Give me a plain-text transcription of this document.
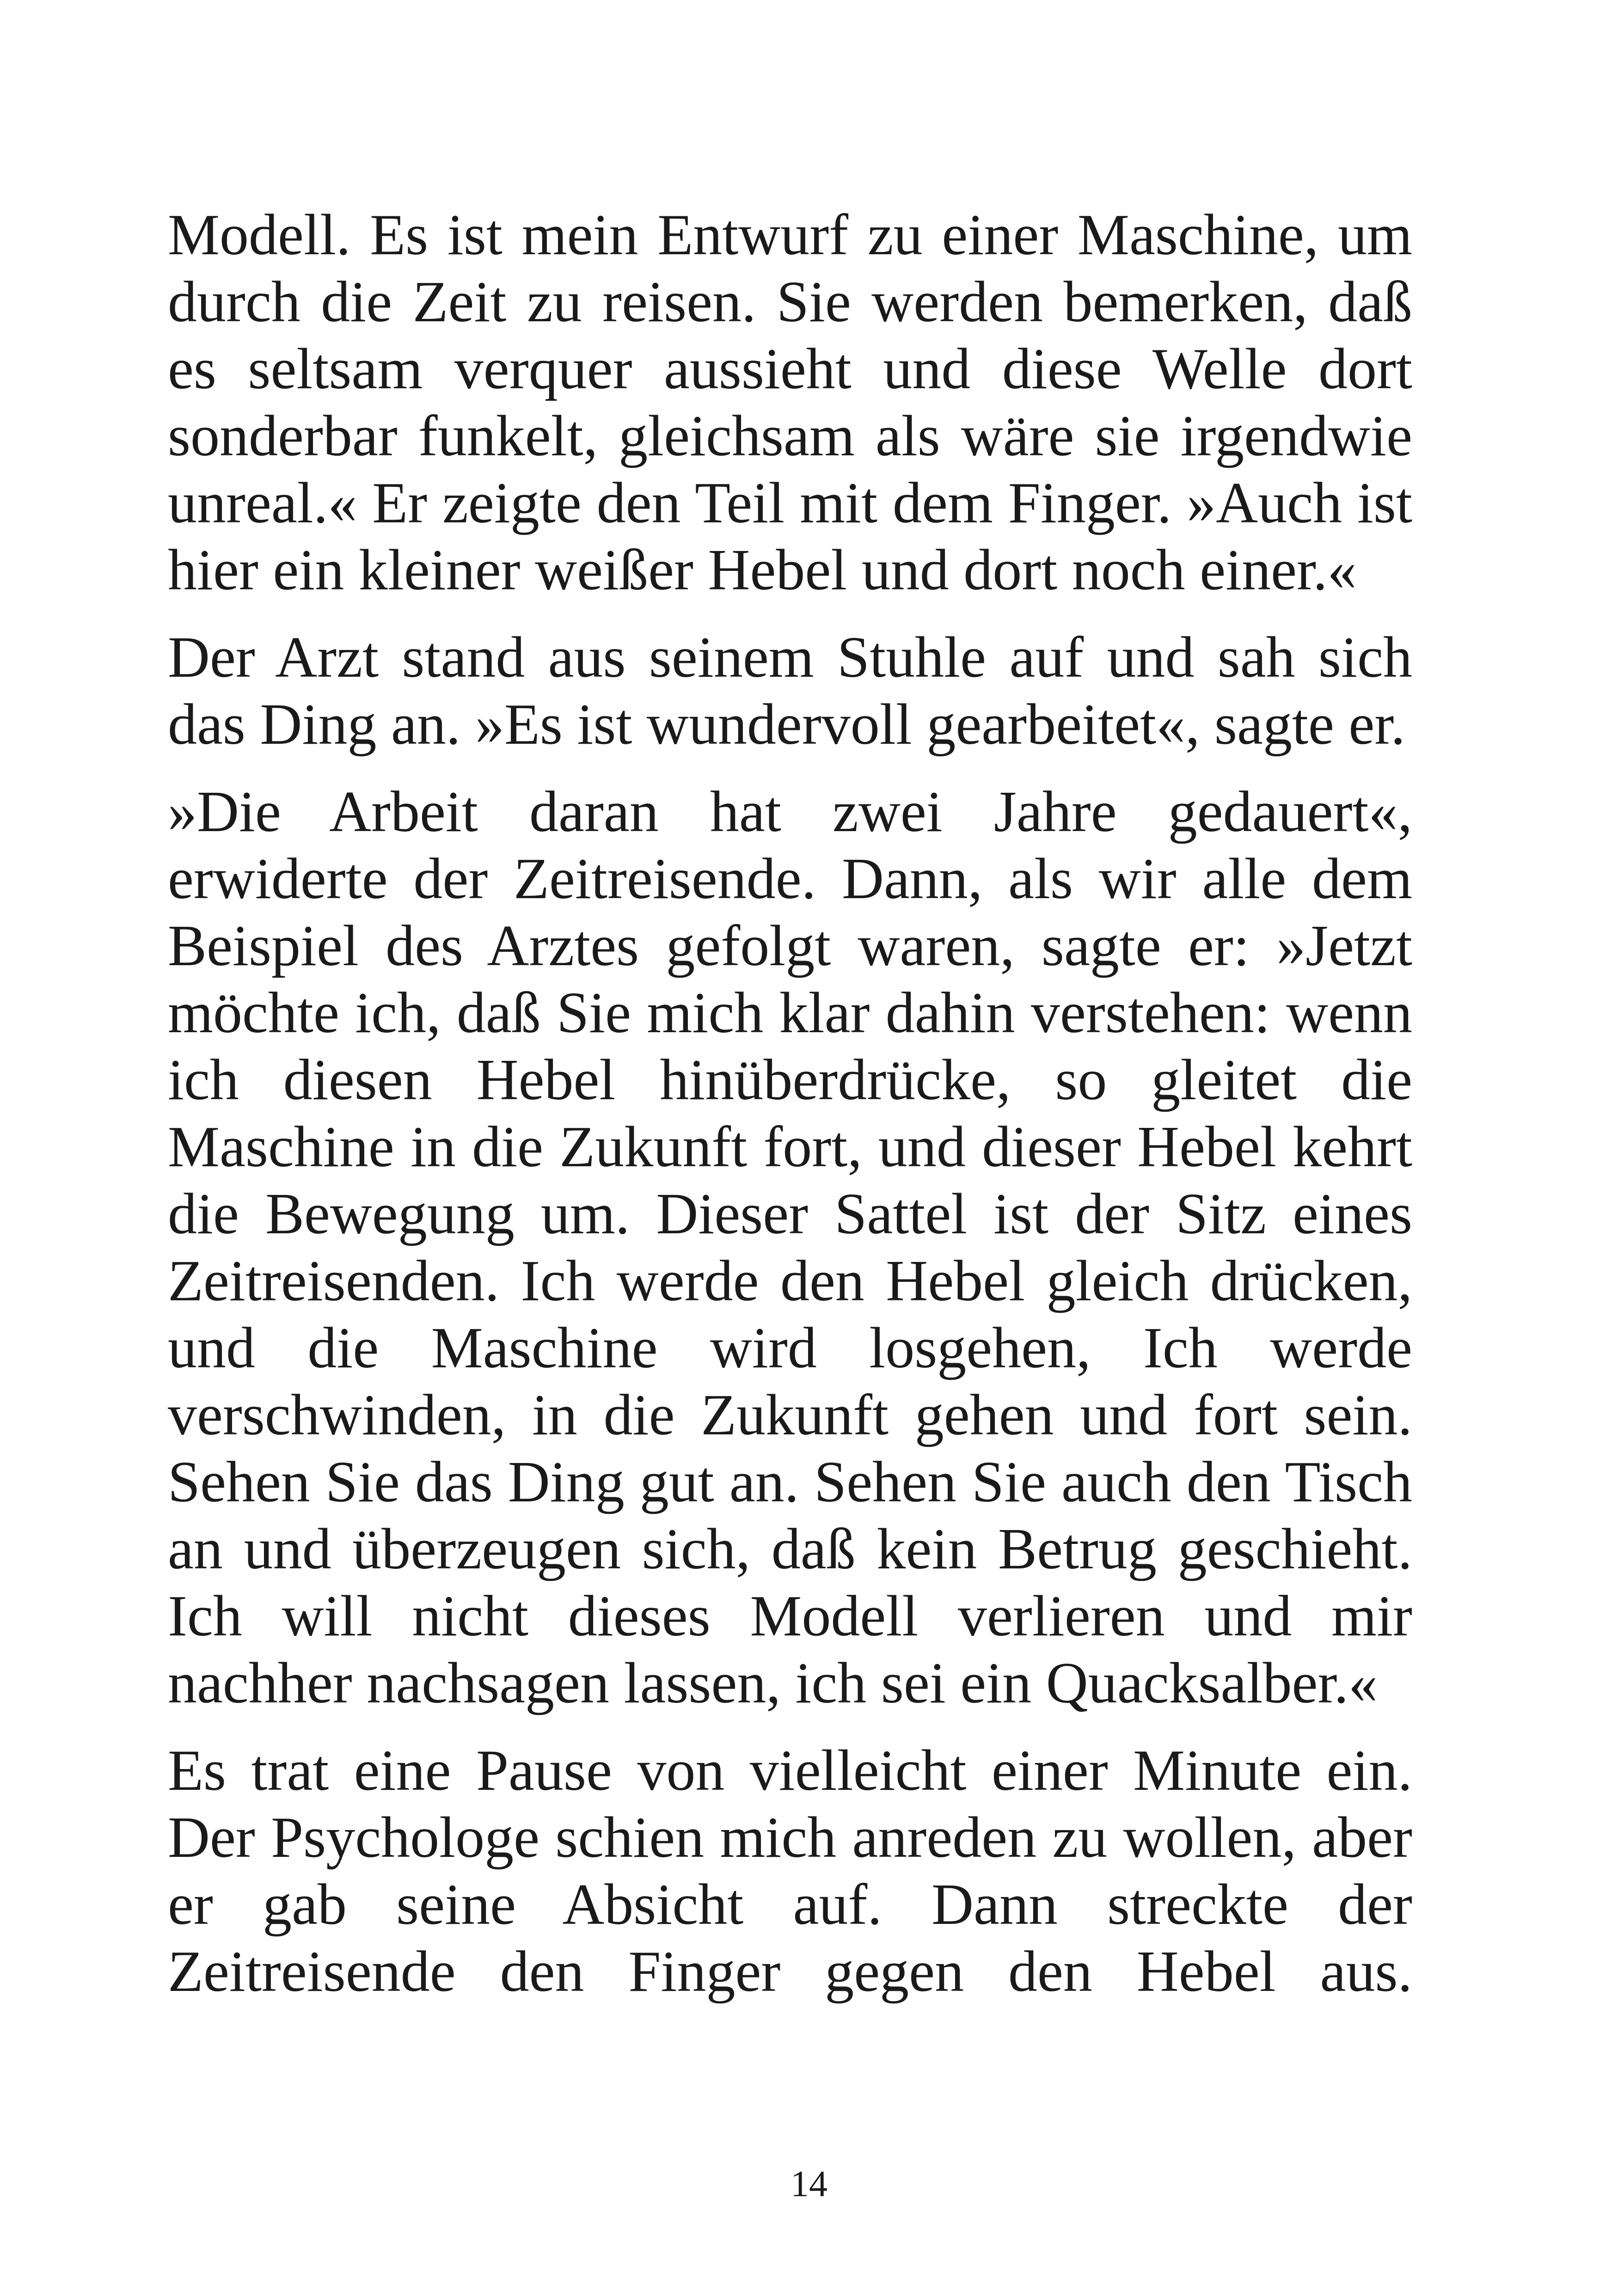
Modell. Es ist mein Entwurf zu einer Maschine, um
durch die Zeit zu reisen. Sie werden bemerken, daß
es seltsam verquer aussieht und diese Welle dort
sonderbar funkelt, gleichsam als wäre sie irgendwie
unreal.« Er zeigte den Teil mit dem Finger. »Auch ist
hier ein kleiner weißer Hebel und dort noch einer.«

Der Arzt stand aus seinem Stuhle auf und sah sich
das Ding an. »Es ist wundervoll gearbeitet«, sagte er.

»Die Arbeit daran hat zwei Jahre gedauert«,
erwiderte der Zeitreisende. Dann, als wir alle dem
Beispiel des Arztes gefolgt waren, sagte er: »Jetzt
möchte ich, daß Sie mich klar dahin verstehen: wenn
ich diesen Hebel hinüberdrücke, so gleitet die
Maschine in die Zukunft fort, und dieser Hebel kehrt
die Bewegung um. Dieser Sattel ist der Sitz eines
Zeitreisenden. Ich werde den Hebel gleich drücken,
und die Maschine wird losgehen, Ich werde
verschwinden, in die Zukunft gehen und fort sein.
Sehen Sie das Ding gut an. Sehen Sie auch den Tisch
an und überzeugen sich, daß kein Betrug geschieht.
Ich will nicht dieses Modell verlieren und mir
nachher nachsagen lassen, ich sei ein Quacksalber.«

Es trat eine Pause von vielleicht einer Minute ein.
Der Psychologe schien mich anreden zu wollen, aber
er gab seine Absicht auf. Dann streckte der
Zeitreisende den Finger gegen den Hebel aus.

14
